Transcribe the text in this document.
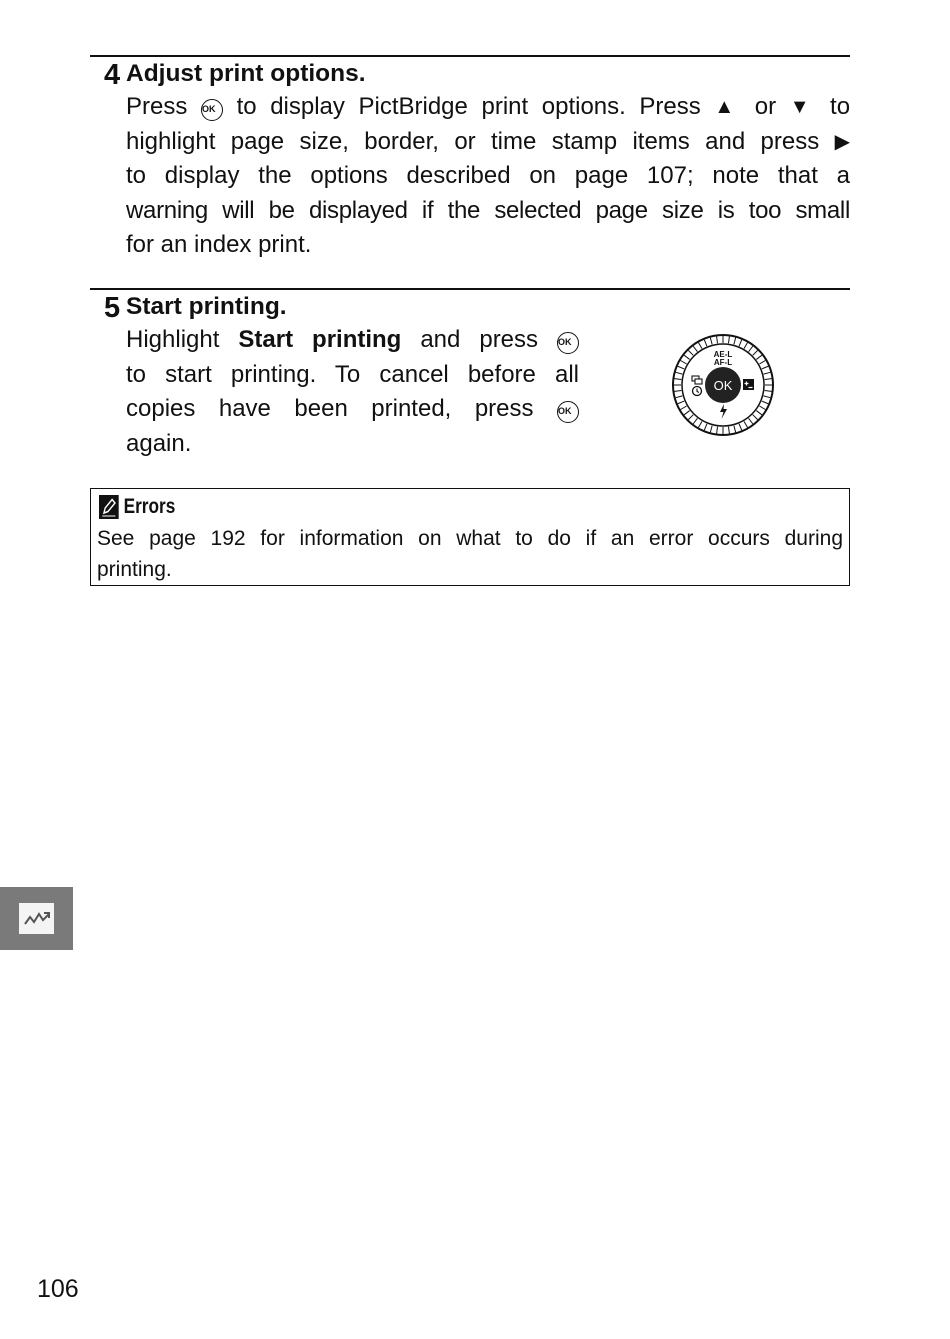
4 Adjust print options.
Press OK to display PictBridge print options. Press ▲ or ▼ to
highlight page size, border, or time stamp items and press ▶
to display the options described on page 107; note that a
warning will be displayed if the selected page size is too small
for an index print.
5 Start printing.
Highlight Start printing and press OK
to start printing. To cancel before all
copies have been printed, press OK
again.
OK
AE-L
AF-L
Errors
See page 192 for information on what to do if an error occurs during
printing.
106
